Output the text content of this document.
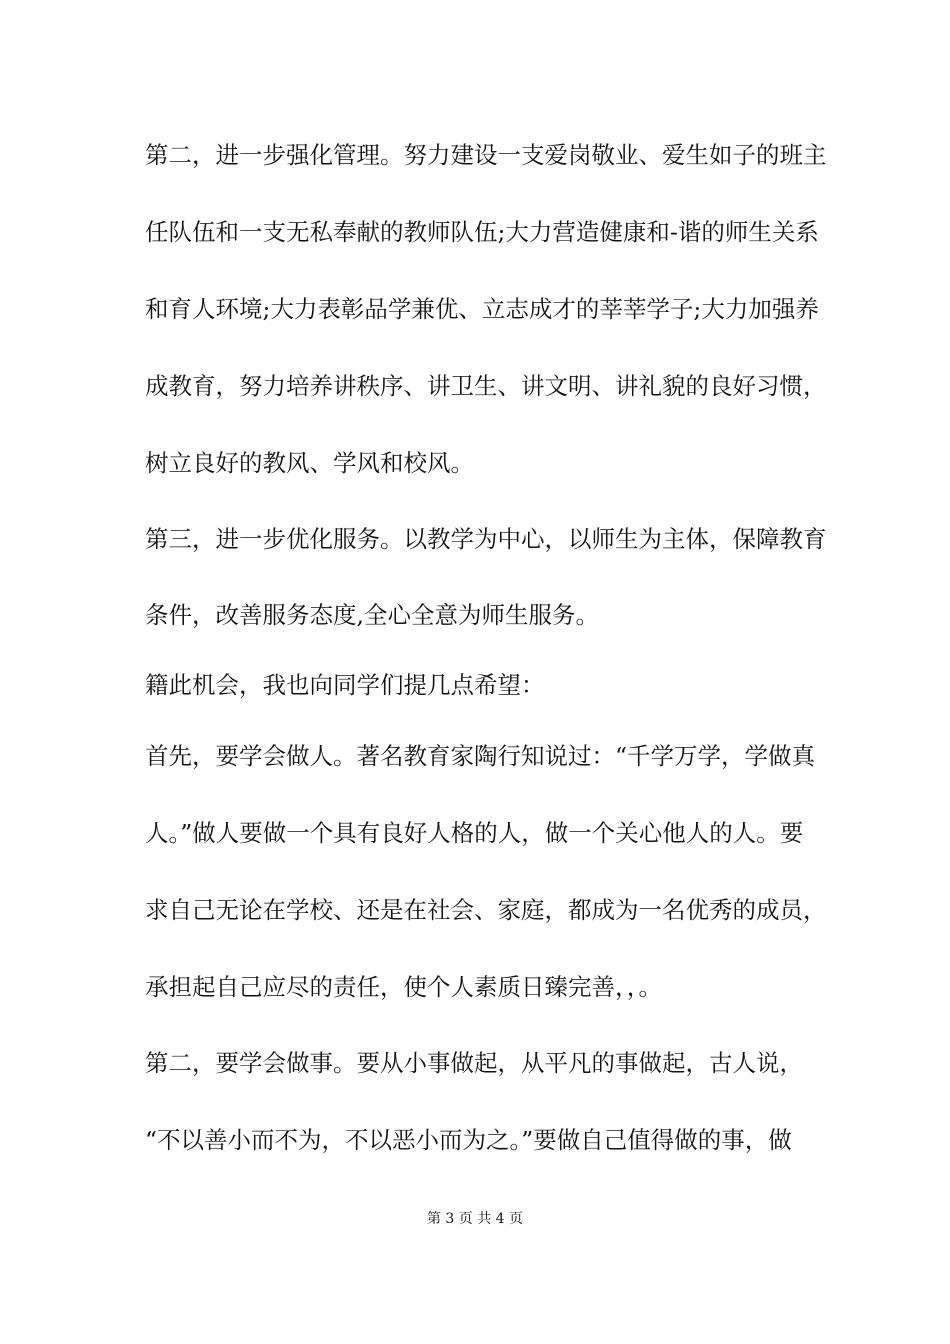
第二，进一步强化管理。努力建设一支爱岗敬业、爱生如子的班主
任队伍和一支无私奉献的教师队伍;大力营造健康和-谐的师生关系
和育人环境;大力表彰品学兼优、立志成才的莘莘学子;大力加强养
成教育，努力培养讲秩序、讲卫生、讲文明、讲礼貌的良好习惯，
树立良好的教风、学风和校风。
第三，进一步优化服务。以教学为中心，以师生为主体，保障教育
条件，改善服务态度,全心全意为师生服务。
籍此机会，我也向同学们提几点希望：
首先，要学会做人。著名教育家陶行知说过：“千学万学，学做真
人。”做人要做一个具有良好人格的人，做一个关心他人的人。要
求自己无论在学校、还是在社会、家庭，都成为一名优秀的成员，
承担起自己应尽的责任，使个人素质日臻完善，，。
第二，要学会做事。要从小事做起，从平凡的事做起，古人说，
“不以善小而不为，不以恶小而为之。”要做自己值得做的事，做
第 3 页 共 4 页
